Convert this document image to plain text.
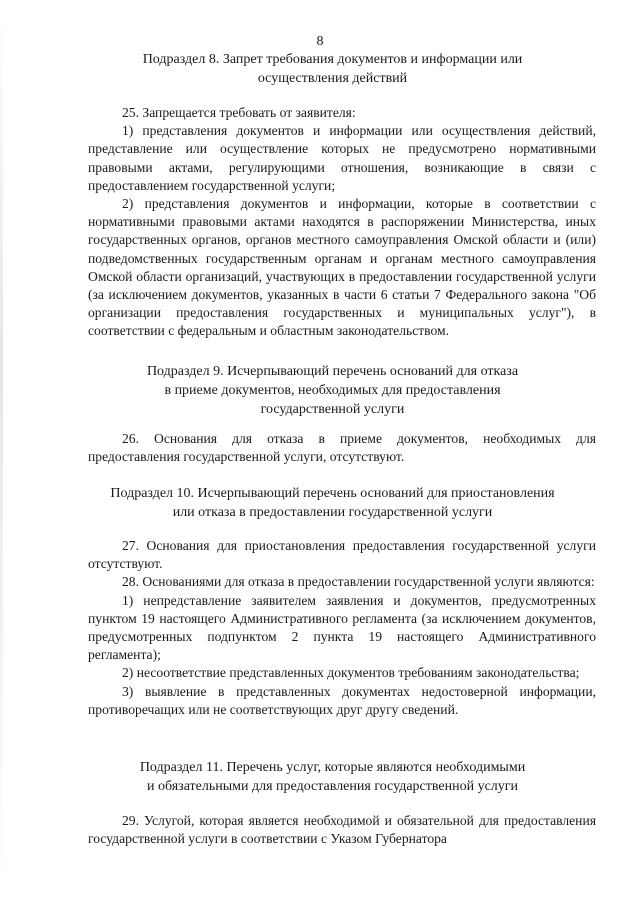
8
Подраздел 8. Запрет требования документов и информации или
осуществления действий

25. Запрещается требовать от заявителя:

1) представления документов и информации или осуществления действий, представление или осуществление которых не предусмотрено нормативными правовыми актами, регулирующими отношения, возникающие в связи с предоставлением государственной услуги;

2) представления документов и информации, которые в соответствии с нормативными правовыми актами находятся в распоряжении Министерства, иных государственных органов, органов местного самоуправления Омской области и (или) подведомственных государственным органам и органам местного самоуправления Омской области организаций, участвующих в предоставлении государственной услуги (за исключением документов, указанных в части 6 статьи 7 Федерального закона "Об организации предоставления государственных и муниципальных услуг"), в соответствии с федеральным и областным законодательством.

Подраздел 9. Исчерпывающий перечень оснований для отказа
в приеме документов, необходимых для предоставления
государственной услуги

26. Основания для отказа в приеме документов, необходимых для предоставления государственной услуги, отсутствуют.

Подраздел 10. Исчерпывающий перечень оснований для приостановления
или отказа в предоставлении государственной услуги

27. Основания для приостановления предоставления государственной услуги отсутствуют.

28. Основаниями для отказа в предоставлении государственной услуги являются:

1) непредставление заявителем заявления и документов, предусмотренных пунктом 19 настоящего Административного регламента (за исключением документов, предусмотренных подпунктом 2 пункта 19 настоящего Административного регламента);

2) несоответствие представленных документов требованиям законодательства;

3) выявление в представленных документах недостоверной информации, противоречащих или не соответствующих друг другу сведений.

Подраздел 11. Перечень услуг, которые являются необходимыми
и обязательными для предоставления государственной услуги

29. Услугой, которая является необходимой и обязательной для предоставления государственной услуги в соответствии с Указом Губернатора
